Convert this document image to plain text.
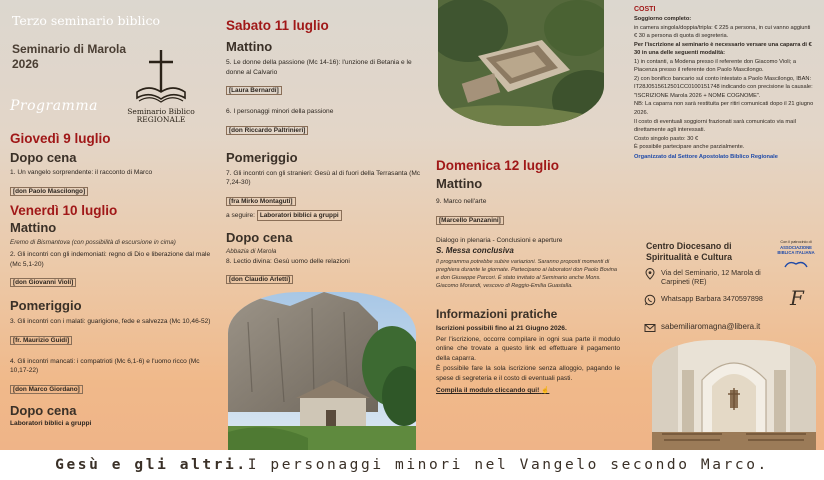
Terzo seminario biblico
Seminario di Marola 2026
Programma	Seminario Biblico REGIONALE
Giovedì 9 luglio
Dopo cena
1. Un vangelo sorprendente: il racconto di Marco
[don Paolo Mascilongo]
Venerdì 10 luglio
Mattino
Eremo di Bismantova (con possibilità di escursione in cima)
2. Gli incontri con gli indemoniati: regno di Dio e liberazione dal male (Mc 5,1-20)
[don Giovanni Violi]
Pomeriggio
3. Gli incontri con i malati: guarigione, fede e salvezza (Mc 10,46-52)
[fr. Maurizio Guidi]
4. Gli incontri mancati: i compatrioti (Mc 6,1-6) e l'uomo ricco (Mc 10,17-22)
[don Marco Giordano]
Dopo cena
Laboratori biblici a gruppi
Sabato 11 luglio
Mattino
5. Le donne della passione (Mc 14-16): l'unzione di Betania e le donne al Calvario
[Laura Bernardi]
6. I personaggi minori della passione
[don Riccardo Paltrinieri]
Pomeriggio
7. Gli incontri con gli stranieri: Gesù al di fuori della Terrasanta (Mc 7,24-30)
[fra Mirko Montaguti]
a seguire: Laboratori biblici a gruppi
Dopo cena
Abbazia di Marola
8. Lectio divina: Gesù uomo delle relazioni
[don Claudio Arletti]
Domenica 12 luglio
Mattino
9. Marco nell'arte
[Marcello Panzanini]
Dialogo in plenaria - Conclusioni e aperture
S. Messa conclusiva
Il programma potrebbe subire variazioni. Saranno proposti momenti di preghiera durante le giornate. Partecipano ai laboratori don Paolo Bovina e don Giuseppe Parcori. È stato invitato al Seminario anche Mons. Giacomo Morandi, vescovo di Reggio-Emilia Guastalla.
Informazioni pratiche
Iscrizioni possibili fino al 21 Giugno 2026.
Per l'iscrizione, occorre compilare in ogni sua parte il modulo online che trovate a questo link ed effettuare il pagamento della caparra.
È possibile fare la sola iscrizione senza alloggio, pagando le spese di segreteria e il costo di eventuali pasti.
Compila il modulo cliccando qui! ☝
COSTI
Soggiorno completo:
in camera singola/doppia/tripla: € 225 a persona, in cui vanno aggiunti € 30 a persona di quota di segreteria.
Per l'iscrizione al seminario è necessario versare una caparra di € 30 in una delle seguenti modalità:
1) in contanti, a Modena presso il referente don Giacomo Violi; a Piacenza presso il referente don Paolo Mascilongo.
2) con bonifico bancario sul conto intestato a Paolo Mascilongo, IBAN: IT28J0515612501CC0100151748 indicando con precisione la causale: "ISCRIZIONE Marola 2026 + NOME COGNOME".
NB: La caparra non sarà restituita per ritiri comunicati dopo il 21 giugno 2026.
Il costo di eventuali soggiorni frazionati sarà comunicato via mail direttamente agli interessati.
Costo singolo pasto: 30 €
È possibile partecipare anche parzialmente.
Organizzato dal Settore Apostolato Biblico Regionale
Centro Diocesano di Spiritualità e Cultura
Con il patrocinio di
ASSOCIAZIONE BIBLICA ITALIANA
Via del Seminario, 12 Marola di Carpineti (RE)
Whatsapp Barbara 3470597898
sabemiliaromagna@libera.it
F
Gesù e gli altri. I personaggi minori nel Vangelo secondo Marco.
